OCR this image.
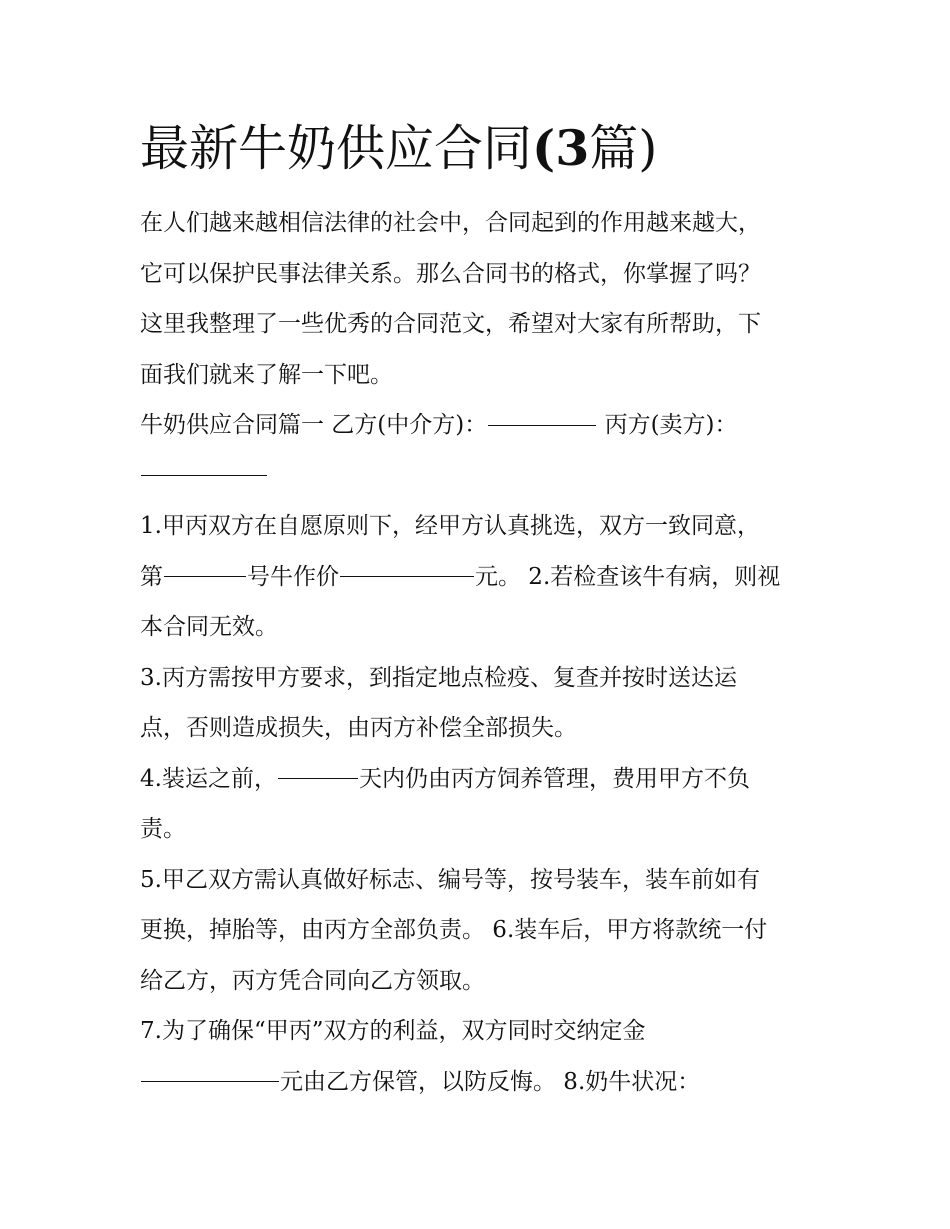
最新牛奶供应合同(3篇)
在人们越来越相信法律的社会中，合同起到的作用越来越大，
它可以保护民事法律关系。那么合同书的格式，你掌握了吗？
这里我整理了一些优秀的合同范文，希望对大家有所帮助，下
面我们就来了解一下吧。
牛奶供应合同篇一 乙方(中介方)：	丙方(卖方)：
1.甲丙双方在自愿原则下，经甲方认真挑选，双方一致同意，
第	号牛作价	元。 2.若检查该牛有病，则视
本合同无效。
3.丙方需按甲方要求，到指定地点检疫、复查并按时送达运
点，否则造成损失，由丙方补偿全部损失。
4.装运之前，	天内仍由丙方饲养管理，费用甲方不负
责。
5.甲乙双方需认真做好标志、编号等，按号装车，装车前如有
更换，掉胎等，由丙方全部负责。 6.装车后，甲方将款统一付
给乙方，丙方凭合同向乙方领取。
7.为了确保“甲丙”双方的利益，双方同时交纳定金
元由乙方保管，以防反悔。 8.奶牛状况：
